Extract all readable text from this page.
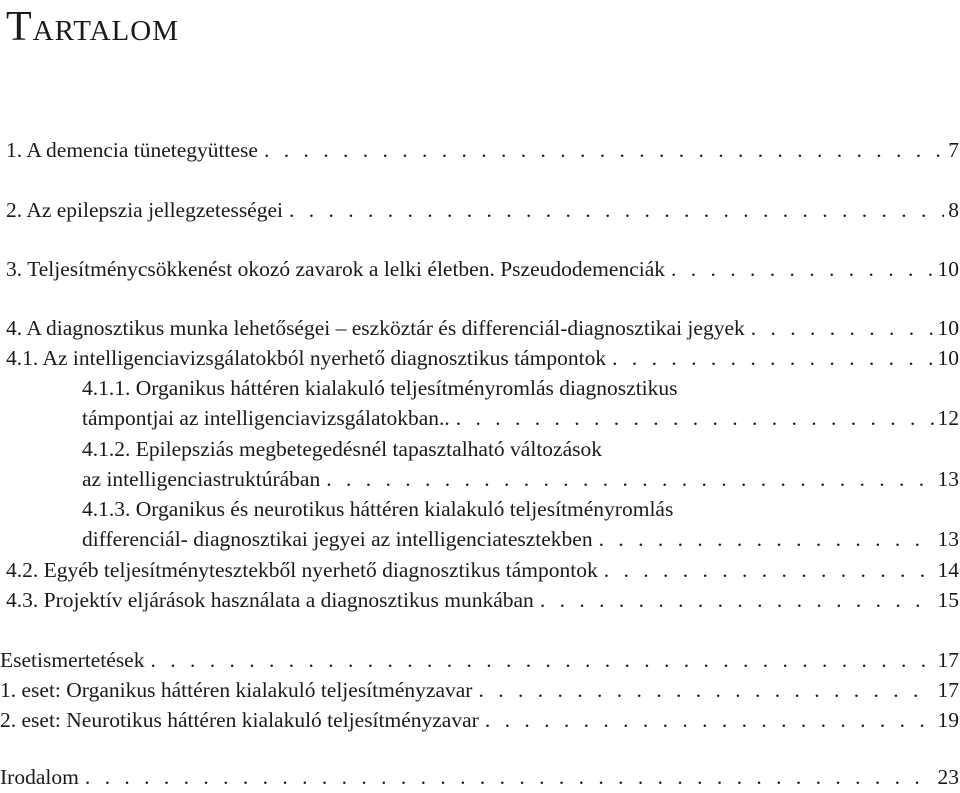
Tartalom
1. A demencia tünetegyüttese . . .	7
2. Az epilepszia jellegzetességei . . .	8
3. Teljesítménycsökkenést okozó zavarok a lelki életben. Pszeudodemenciák . . .	10
4. A diagnosztikus munka lehetőségei – eszköztár és differenciál-diagnosztikai jegyek . . .	10
4.1. Az intelligenciavizsgálatokból nyerhető diagnosztikus támpontok . . .	10
4.1.1. Organikus háttéren kialakuló teljesítményromlás diagnosztikus
támpontjai az intelligenciavizsgálatokban.. . . .	12
4.1.2. Epilepsziás megbetegedésnél tapasztalható változások
az intelligenciastruktúrában . . .	13
4.1.3. Organikus és neurotikus háttéren kialakuló teljesítményromlás
differenciál- diagnosztikai jegyei az intelligenciatesztekben . . .	13
4.2. Egyéb teljesítménytesztekből nyerhető diagnosztikus támpontok . . .	14
4.3. Projektív eljárások használata a diagnosztikus munkában . . .	15
Esetismertetések . . .	17
1. eset: Organikus háttéren kialakuló teljesítményzavar . . .	17
2. eset: Neurotikus háttéren kialakuló teljesítményzavar . . .	19
Irodalom . . .	23
